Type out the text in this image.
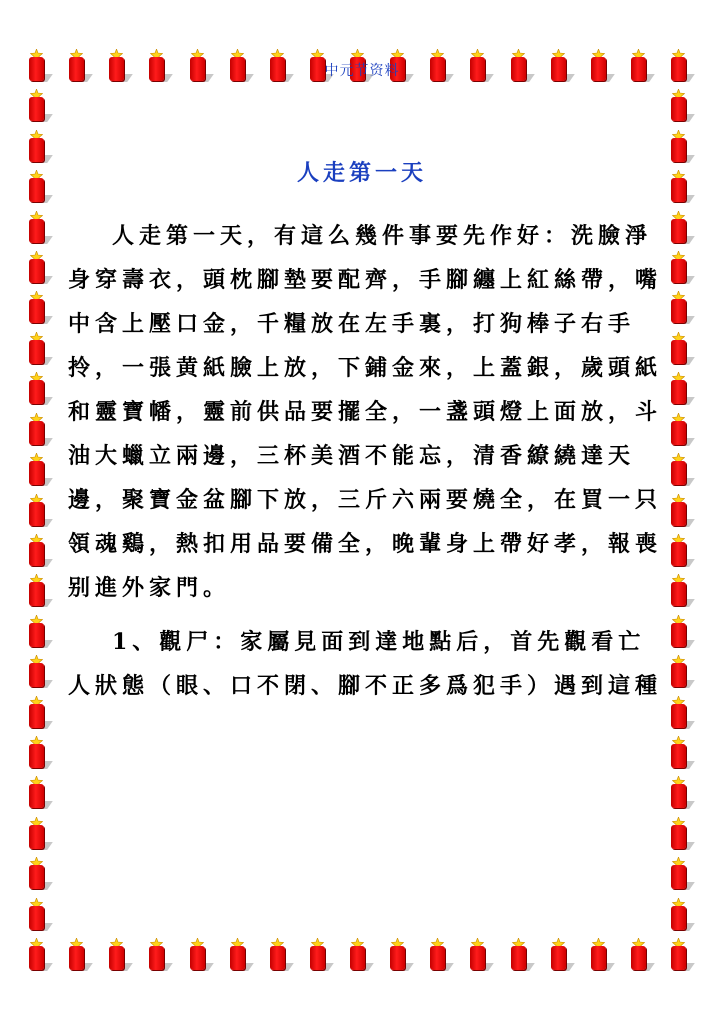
中元节资料
人走第一天

人走第一天，有這么幾件事要先作好：洗臉淨身穿壽衣，頭枕腳墊要配齊，手腳纏上紅絲帶，嘴中含上壓口金，千糧放在左手裏，打狗棒子右手拎，一張黄紙臉上放，下鋪金來，上蓋銀，歲頭紙和靈寶幡，靈前供品要擺全，一盞頭燈上面放，斗油大蠟立兩邊，三杯美酒不能忘，清香繚繞達天邊，聚寶金盆腳下放，三斤六兩要燒全，在買一只領魂鷄，熱扣用品要備全，晚輩身上帶好孝，報喪别進外家門。

1、觀尸：家屬見面到達地點后，首先觀看亡人狀態（眼、口不閉、腳不正多爲犯手）遇到這種
